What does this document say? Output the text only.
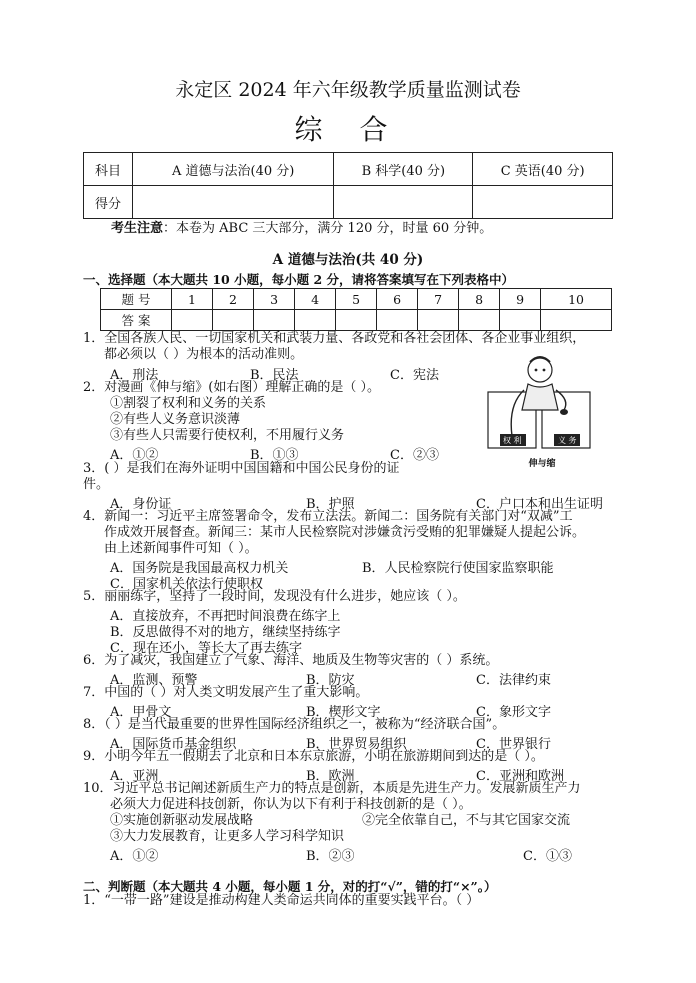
永定区 2024 年六年级教学质量监测试卷
综 合
科目	A 道德与法治(40 分)	B 科学(40 分)	C 英语(40 分)
得分			
考生注意：本卷为 ABC 三大部分，满分 120 分，时量 60 分钟。
A 道德与法治(共 40 分)
一、选择题（本大题共 10 小题，每小题 2 分，请将答案填写在下列表格中）
题 号	1	2	3	4	5	6	7	8	9	10
答 案										
1．全国各族人民、一切国家机关和武装力量、各政党和各社会团体、各企业事业组织，
都必须以（ ）为根本的活动准则。
A．刑法	B．民法	C．宪法
2．对漫画《伸与缩》(如右图）理解正确的是（ ）。
①割裂了权利和义务的关系
②有些人义务意识淡薄
③有些人只需要行使权利，不用履行义务
A．①②	B．①③	C．②③
权 利	义 务
伸与缩
3．( ）是我们在海外证明中国国籍和中国公民身份的证
件。
A．身份证	B．护照	C．户口本和出生证明
4．新闻一：习近平主席签署命令，发布立法法。新闻二：国务院有关部门对“双减”工
作成效开展督查。新闻三：某市人民检察院对涉嫌贪污受贿的犯罪嫌疑人提起公诉。
由上述新闻事件可知（ ）。
A．国务院是我国最高权力机关	B．人民检察院行使国家监察职能
C．国家机关依法行使职权
5．丽丽练字，坚持了一段时间，发现没有什么进步，她应该（ ）。
A．直接放弃，不再把时间浪费在练字上
B．反思做得不对的地方，继续坚持练字
C．现在还小，等长大了再去练字
6．为了减灾，我国建立了气象、海洋、地质及生物等灾害的（ ）系统。
A．监测、预警	B．防灾	C．法律约束
7．中国的（ ）对人类文明发展产生了重大影响。
A．甲骨文	B．楔形文字	C．象形文字
8．（ ）是当代最重要的世界性国际经济组织之一，被称为“经济联合国”。
A．国际货币基金组织	B．世界贸易组织	C．世界银行
9．小明今年五一假期去了北京和日本东京旅游，小明在旅游期间到达的是（ ）。
A．亚洲	B．欧洲	C．亚洲和欧洲
10．习近平总书记阐述新质生产力的特点是创新，本质是先进生产力。发展新质生产力
必须大力促进科技创新，你认为以下有利于科技创新的是（ ）。
①实施创新驱动发展战略	②完全依靠自己，不与其它国家交流
③大力发展教育，让更多人学习科学知识
A．①②	B．②③	C．①③
二、判断题（本大题共 4 小题，每小题 1 分，对的打“√”，错的打“×”。）
1．“一带一路”建设是推动构建人类命运共同体的重要实践平台。（ ）
